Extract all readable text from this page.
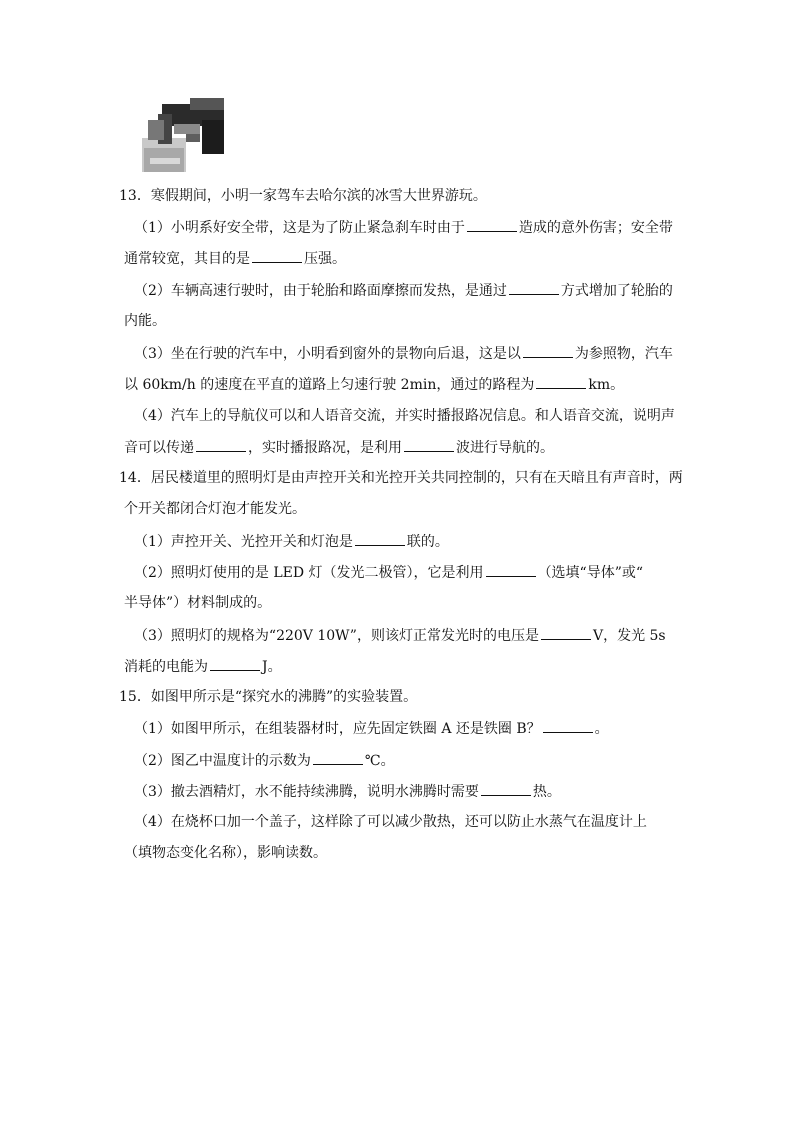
13．寒假期间，小明一家驾车去哈尔滨的冰雪大世界游玩。
（1）小明系好安全带，这是为了防止紧急刹车时由于	造成的意外伤害；安全带
通常较宽，其目的是	压强。
（2）车辆高速行驶时，由于轮胎和路面摩擦而发热，是通过	方式增加了轮胎的
内能。
（3）坐在行驶的汽车中，小明看到窗外的景物向后退，这是以	为参照物，汽车
以 60km/h 的速度在平直的道路上匀速行驶 2min，通过的路程为	km。
（4）汽车上的导航仪可以和人语音交流，并实时播报路况信息。和人语音交流，说明声
音可以传递	，实时播报路况，是利用	波进行导航的。
14．居民楼道里的照明灯是由声控开关和光控开关共同控制的，只有在天暗且有声音时，两
个开关都闭合灯泡才能发光。
（1）声控开关、光控开关和灯泡是	联的。
（2）照明灯使用的是 LED 灯（发光二极管），它是利用	（选填“导体”或“
半导体”）材料制成的。
（3）照明灯的规格为“220V 10W”，则该灯正常发光时的电压是	V，发光 5s
消耗的电能为	J。
15．如图甲所示是“探究水的沸腾”的实验装置。
（1）如图甲所示，在组装器材时，应先固定铁圈 A 还是铁圈 B？	。
（2）图乙中温度计的示数为	℃。
（3）撤去酒精灯，水不能持续沸腾，说明水沸腾时需要	热。
（4）在烧杯口加一个盖子，这样除了可以减少散热，还可以防止水蒸气在温度计上
（填物态变化名称），影响读数。
